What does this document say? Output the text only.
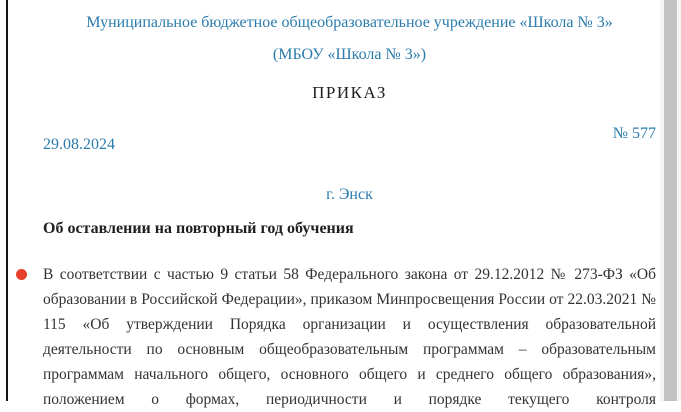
Муниципальное бюджетное общеобразовательное учреждение «Школа № 3»
(МБОУ «Школа № 3»)
ПРИКАЗ
№ 577
29.08.2024
г. Энск
Об оставлении на повторный год обучения
В соответствии с частью 9 статьи 58 Федерального закона от 29.12.2012 № 273-ФЗ «Об образовании в Российской Федерации», приказом Минпросвещения России от 22.03.2021 № 115 «Об утверждении Порядка организации и осуществления образовательной деятельности по основным общеобразовательным программам – образовательным программам начального общего, основного общего и среднего общего образования», положением о формах, периодичности и порядке текущего контроля
